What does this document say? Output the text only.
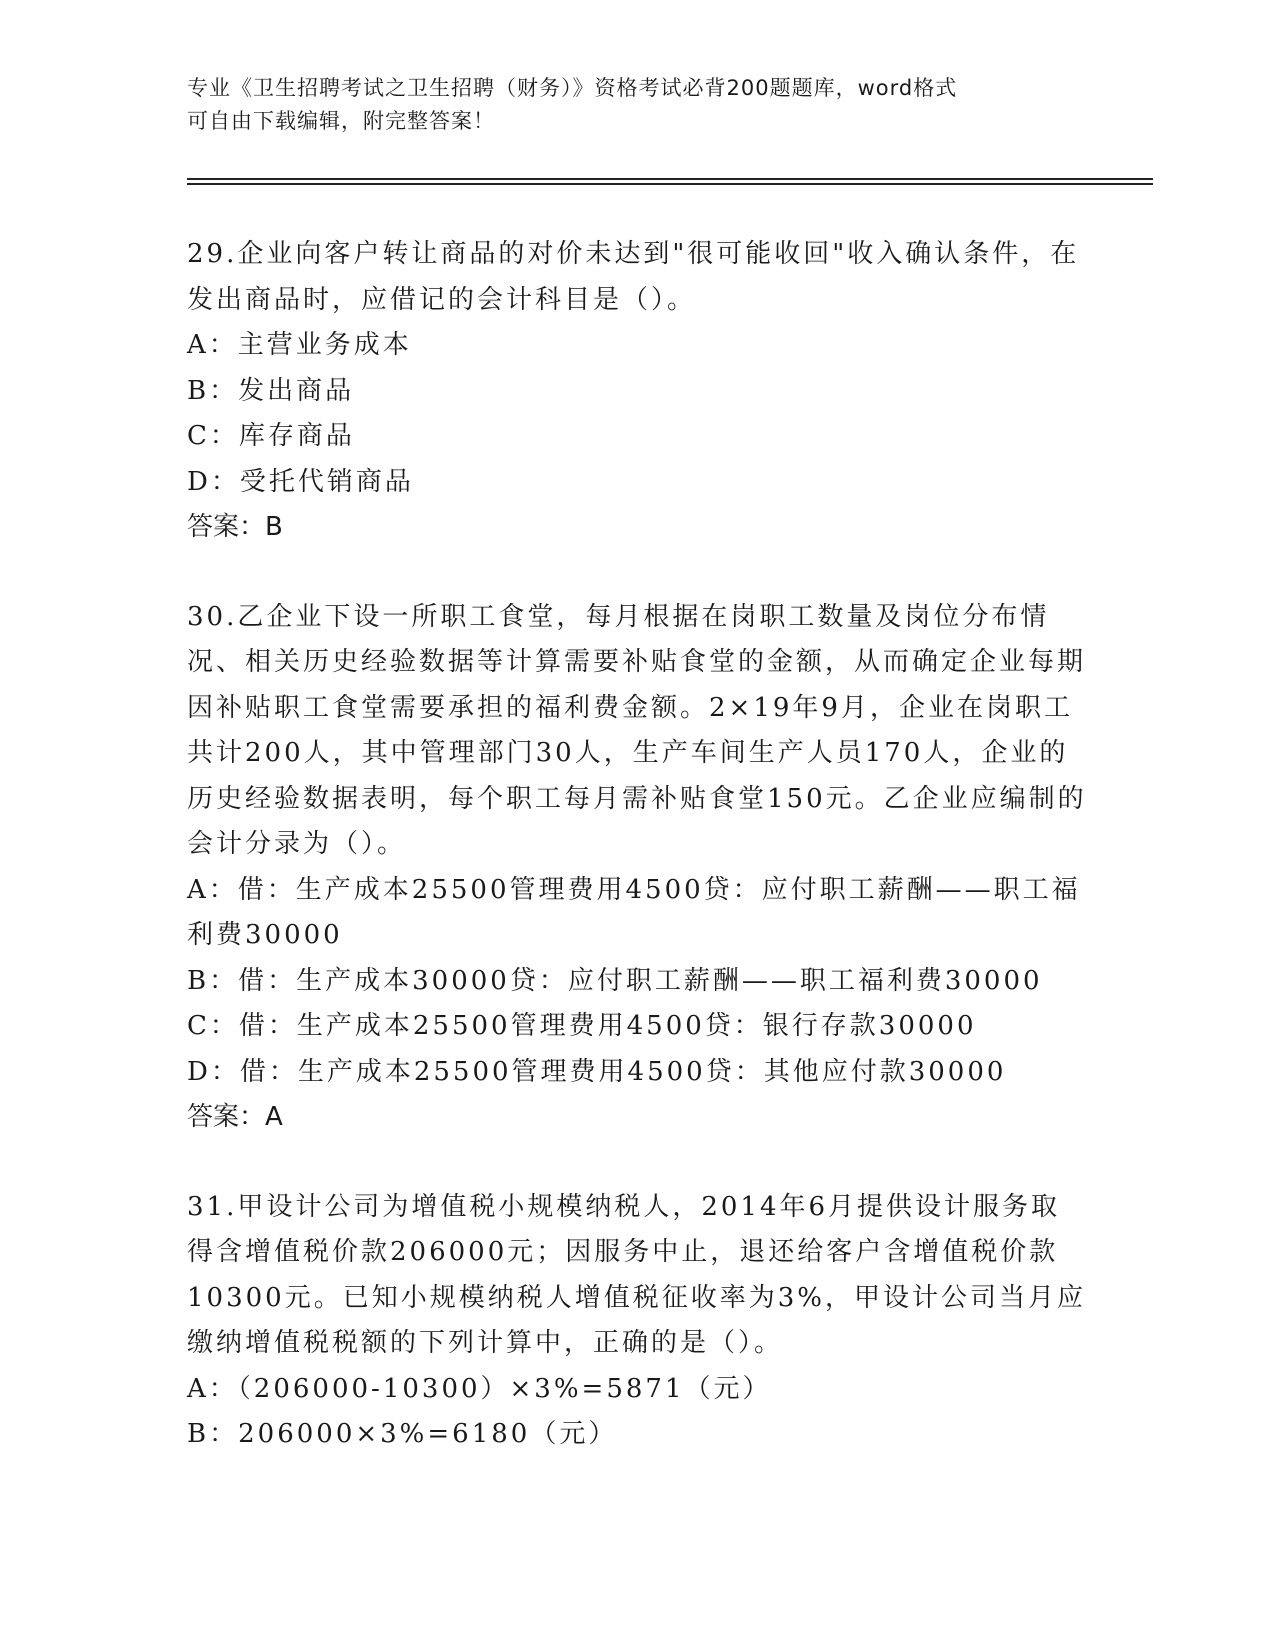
专业《卫生招聘考试之卫生招聘（财务）》资格考试必背200题题库，word格式
可自由下载编辑，附完整答案！

29.企业向客户转让商品的对价未达到"很可能收回"收入确认条件，在发出商品时，应借记的会计科目是（）。

A：主营业务成本

B：发出商品

C：库存商品

D：受托代销商品

答案：B

30.乙企业下设一所职工食堂，每月根据在岗职工数量及岗位分布情况、相关历史经验数据等计算需要补贴食堂的金额，从而确定企业每期因补贴职工食堂需要承担的福利费金额。2×19年9月，企业在岗职工共计200人，其中管理部门30人，生产车间生产人员170人，企业的历史经验数据表明，每个职工每月需补贴食堂150元。乙企业应编制的会计分录为（）。

A：借：生产成本25500管理费用4500贷：应付职工薪酬——职工福利费30000

B：借：生产成本30000贷：应付职工薪酬——职工福利费30000

C：借：生产成本25500管理费用4500贷：银行存款30000

D：借：生产成本25500管理费用4500贷：其他应付款30000

答案：A

31.甲设计公司为增值税小规模纳税人，2014年6月提供设计服务取得含增值税价款206000元；因服务中止，退还给客户含增值税价款10300元。已知小规模纳税人增值税征收率为3%，甲设计公司当月应缴纳增值税税额的下列计算中，正确的是（）。

A：（206000-10300）×3%=5871（元）

B：206000×3%=6180（元）
